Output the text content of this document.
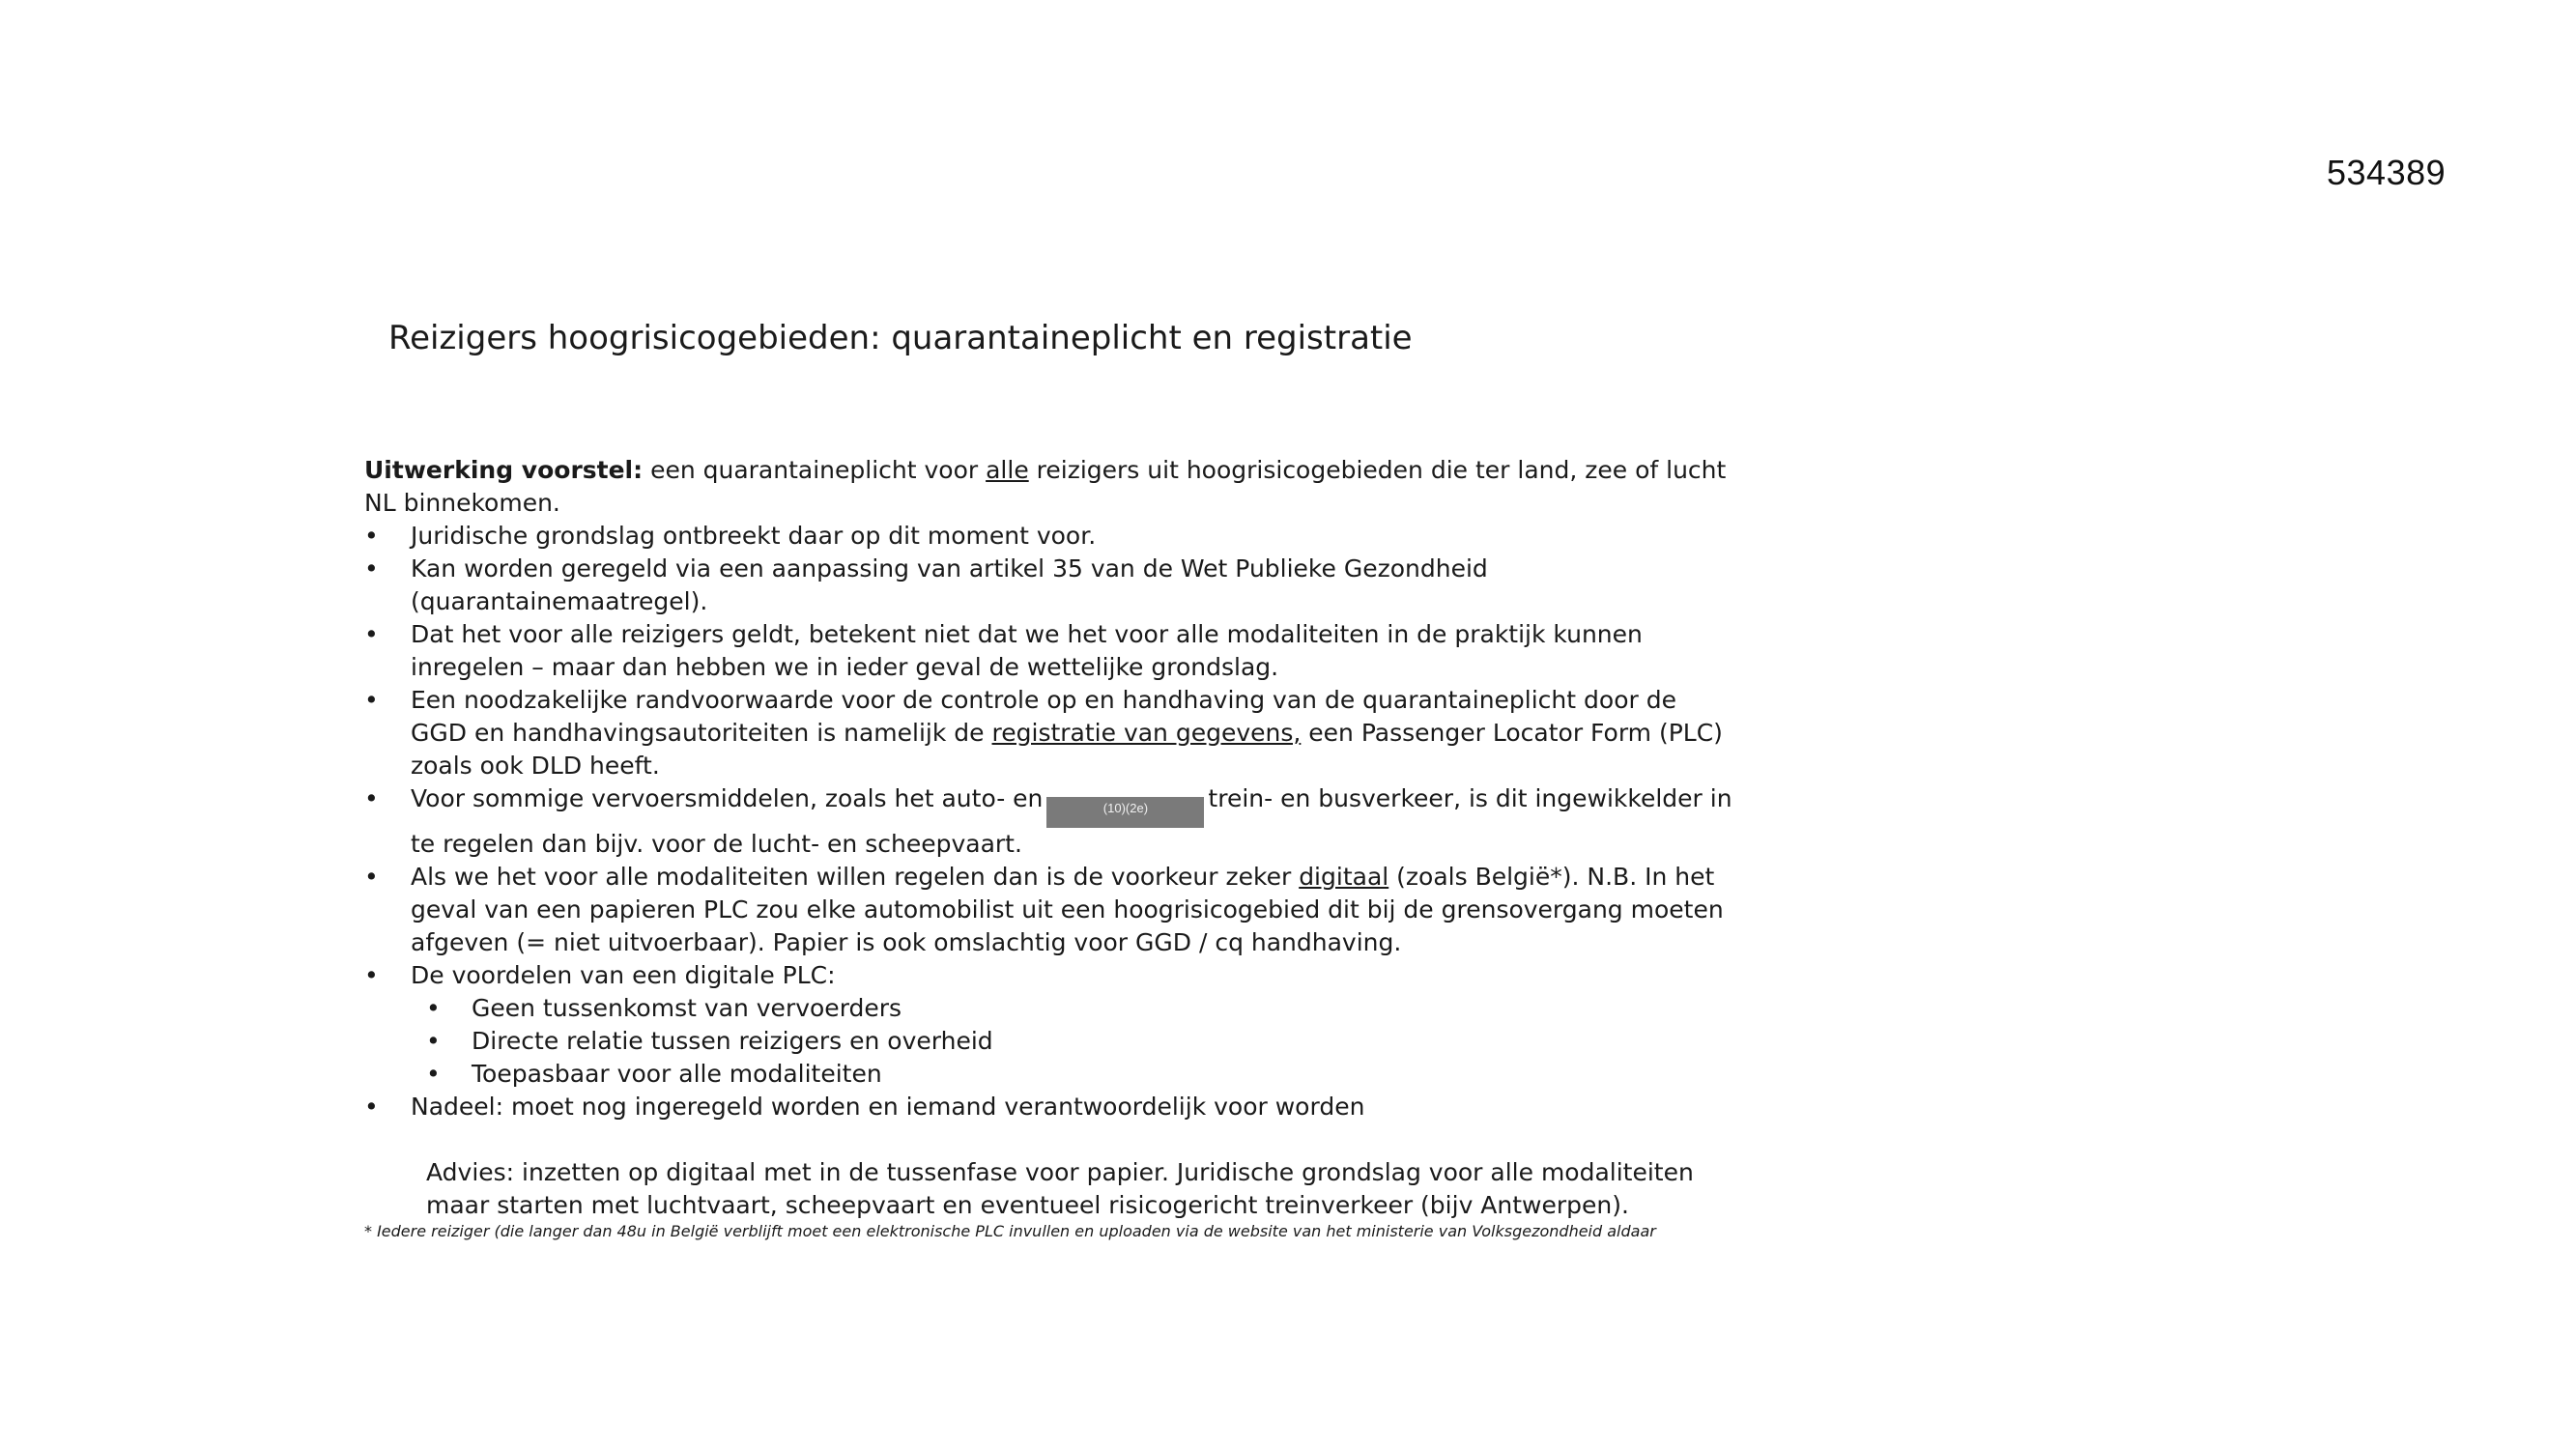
534389
Reizigers hoogrisicogebieden: quarantaineplicht en registratie

Uitwerking voorstel: een quarantaineplicht voor alle reizigers uit hoogrisicogebieden die ter land, zee of lucht NL binnekomen.

• Juridische grondslag ontbreekt daar op dit moment voor.
• Kan worden geregeld via een aanpassing van artikel 35 van de Wet Publieke Gezondheid (quarantainemaatregel).
• Dat het voor alle reizigers geldt, betekent niet dat we het voor alle modaliteiten in de praktijk kunnen inregelen – maar dan hebben we in ieder geval de wettelijke grondslag.
• Een noodzakelijke randvoorwaarde voor de controle op en handhaving van de quarantaineplicht door de GGD en handhavingsautoriteiten is namelijk de registratie van gegevens, een Passenger Locator Form (PLC) zoals ook DLD heeft.
• Voor sommige vervoersmiddelen, zoals het auto- en	(10)(2e) trein- en busverkeer, is dit ingewikkelder in te regelen dan bijv. voor de lucht- en scheepvaart.
• Als we het voor alle modaliteiten willen regelen dan is de voorkeur zeker digitaal (zoals België*). N.B. In het geval van een papieren PLC zou elke automobilist uit een hoogrisicogebied dit bij de grensovergang moeten afgeven (= niet uitvoerbaar). Papier is ook omslachtig voor GGD / cq handhaving.
• De voordelen van een digitale PLC:
• Geen tussenkomst van vervoerders
• Directe relatie tussen reizigers en overheid
• Toepasbaar voor alle modaliteiten
• Nadeel: moet nog ingeregeld worden en iemand verantwoordelijk voor worden

Advies: inzetten op digitaal met in de tussenfase voor papier. Juridische grondslag voor alle modaliteiten maar starten met luchtvaart, scheepvaart en eventueel risicogericht treinverkeer (bijv Antwerpen).

* Iedere reiziger (die langer dan 48u in België verblijft moet een elektronische PLC invullen en uploaden via de website van het ministerie van Volksgezondheid aldaar
